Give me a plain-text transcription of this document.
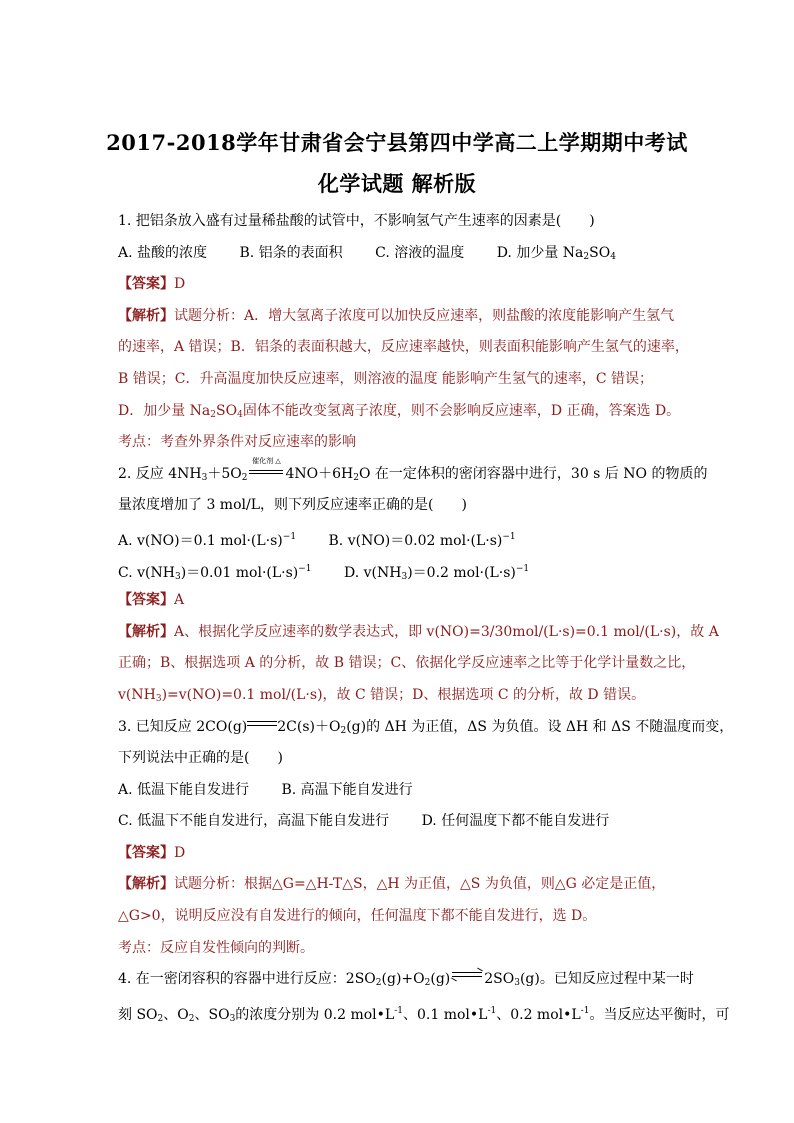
2017-2018学年甘肃省会宁县第四中学高二上学期期中考试
化学试题 解析版
1. 把铝条放入盛有过量稀盐酸的试管中，不影响氢气产生速率的因素是(　　)
A. 盐酸的浓度 B. 铝条的表面积 C. 溶液的温度 D. 加少量 $Na_2SO_4$
【答案】D
【解析】试题分析：A．增大氢离子浓度可以加快反应速率，则盐酸的浓度能影响产生氢气
的速率，A 错误；B．铝条的表面积越大，反应速率越快，则表面积能影响产生氢气的速率，
B 错误；C．升高温度加快反应速率，则溶液的温度 能影响产生氢气的速率，C 错误；
D．加少量 $Na_2SO_4$固体不能改变氢离子浓度，则不会影响反应速率，D 正确，答案选 D。
考点：考查外界条件对反应速率的影响
2. 反应 $4NH_3+5O_2$
催化剂 △
$4NO+6H_2O$ 在一定体积的密闭容器中进行，30 s 后 NO 的物质的
量浓度增加了 3 mol/L，则下列反应速率正确的是(　　)
A. v(NO)＝0.1 $mol\cdot(L\cdot s)^{-1}$ B. v(NO)＝0.02 $mol\cdot(L\cdot s)^{-1}$
C. $v(NH_3)=0.01$ $mol\cdot(L\cdot s)^{-1}$ D. $v(NH_3)=0.2$ $mol\cdot(L\cdot s)^{-1}$
【答案】A
【解析】A、根据化学反应速率的数学表达式，即 v(NO)=3/30mol/(L·s)=0.1 mol/(L·s)，故 A
正确；B、根据选项 A 的分析，故 B 错误；C、依据化学反应速率之比等于化学计量数之比，
$v(NH_3)=v(NO)=0.1$ mol/(L·s)，故 C 错误；D、根据选项 C 的分析，故 D 错误。
3. 已知反应 2CO(g) $2C(s)+O_2(g)$的 ΔH 为正值，ΔS 为负值。设 ΔH 和 ΔS 不随温度而变，
下列说法中正确的是(　　)
A. 低温下能自发进行 B. 高温下能自发进行
C. 低温下不能自发进行，高温下能自发进行 D. 任何温度下都不能自发进行
【答案】D
【解析】试题分析：根据△G=△H-T△S，△H 为正值，△S 为负值，则△G 必定是正值，
△G>0，说明反应没有自发进行的倾向，任何温度下都不能自发进行，选 D。
考点：反应自发性倾向的判断。
4. 在一密闭容积的容器中进行反应：$2SO_2(g)+O_2(g)\rightleftharpoons 2SO_3(g)$。已知反应过程中某一时
刻 $SO_2$、$O_2$、$SO_3$的浓度分别为 0.2 $mol•L^{-1}$、0.1 $mol•L^{-1}$、0.2 $mol•L^{-1}$。当反应达平衡时，可
